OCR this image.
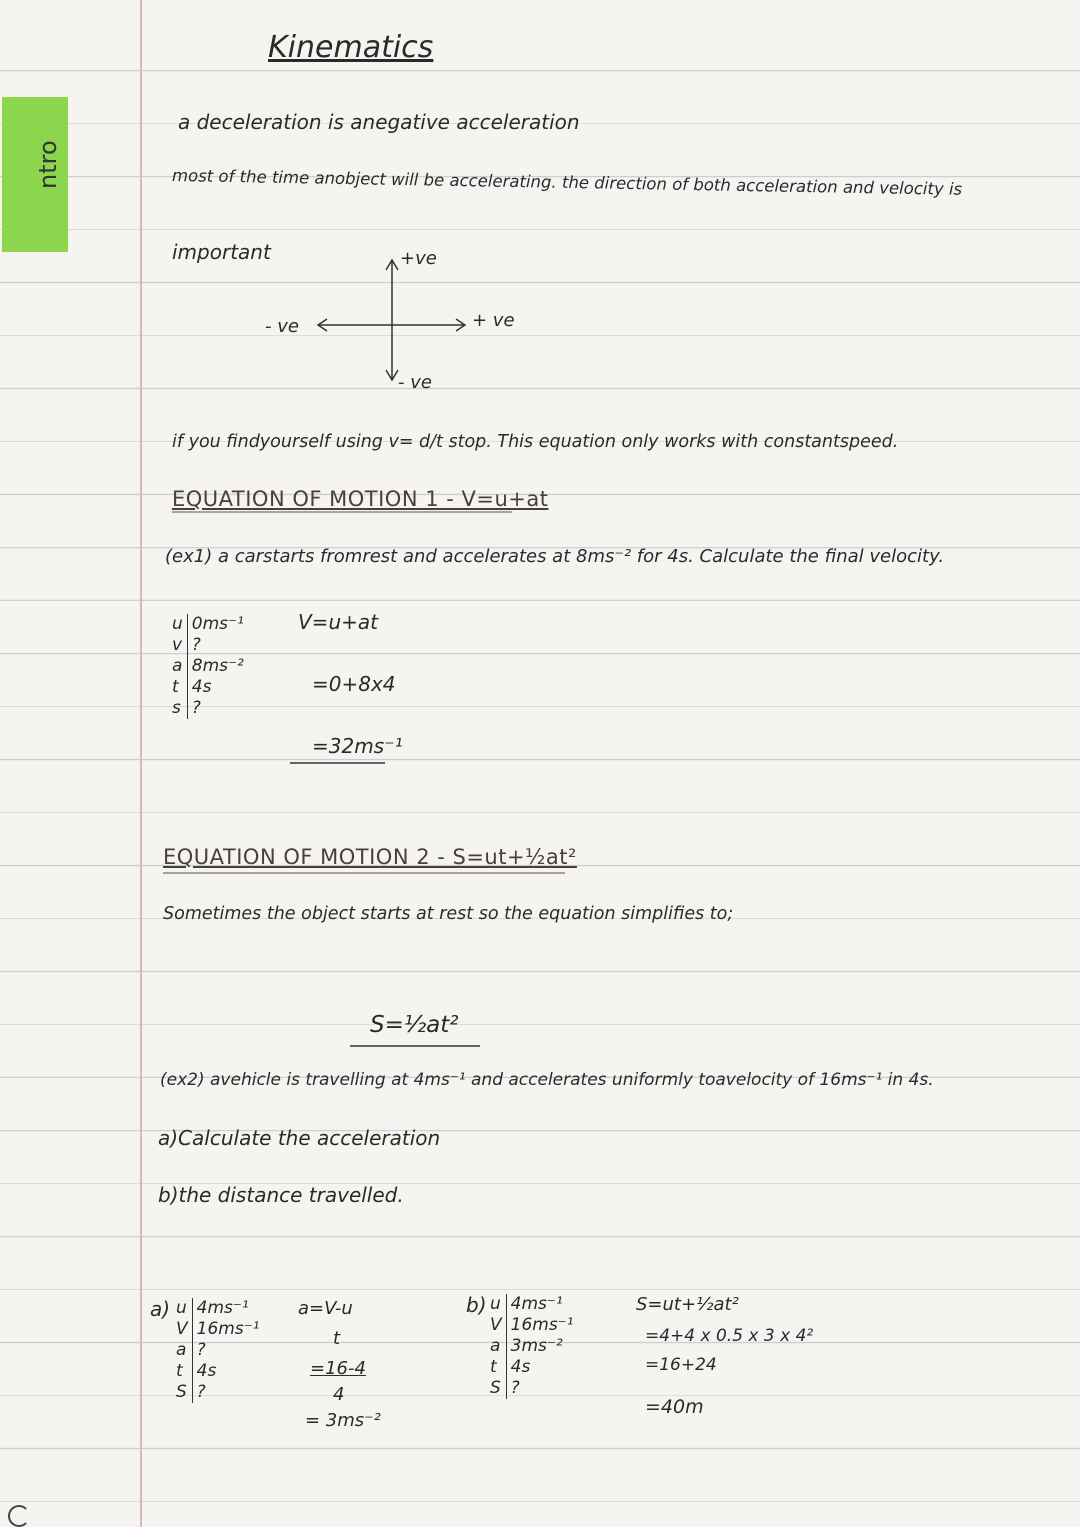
ntro
Kinematics
a deceleration is anegative acceleration
most of the time anobject will be accelerating. the direction of both acceleration and velocity is
important	+ve
+ ve
- ve
- ve
if you findyourself using v= d/t stop. This equation only works with constantspeed.
EQUATION OF MOTION 1 - V=u+at
(ex1) a carstarts fromrest and accelerates at 8ms⁻² for 4s. Calculate the final velocity.
u
v
a
t
s
0ms⁻¹
?
8ms⁻²
4s
?
V=u+at
=0+8x4
=32ms⁻¹
EQUATION OF MOTION 2 - S=ut+½at²
Sometimes the object starts at rest so the equation simplifies to;
S=½at²
(ex2) avehicle is travelling at 4ms⁻¹ and accelerates uniformly toavelocity of 16ms⁻¹ in 4s.
a)Calculate the acceleration
b)the distance travelled.
a) u
V
a
t
S
4ms⁻¹
16ms⁻¹
?
4s
?
a=V-u
t
=16-4
4
= 3ms⁻²
b) u
V
a
t
S
4ms⁻¹
16ms⁻¹
3ms⁻²
4s
?
S=ut+½at²
=4+4 x 0.5 x 3 x 4²
=16+24
=40m
